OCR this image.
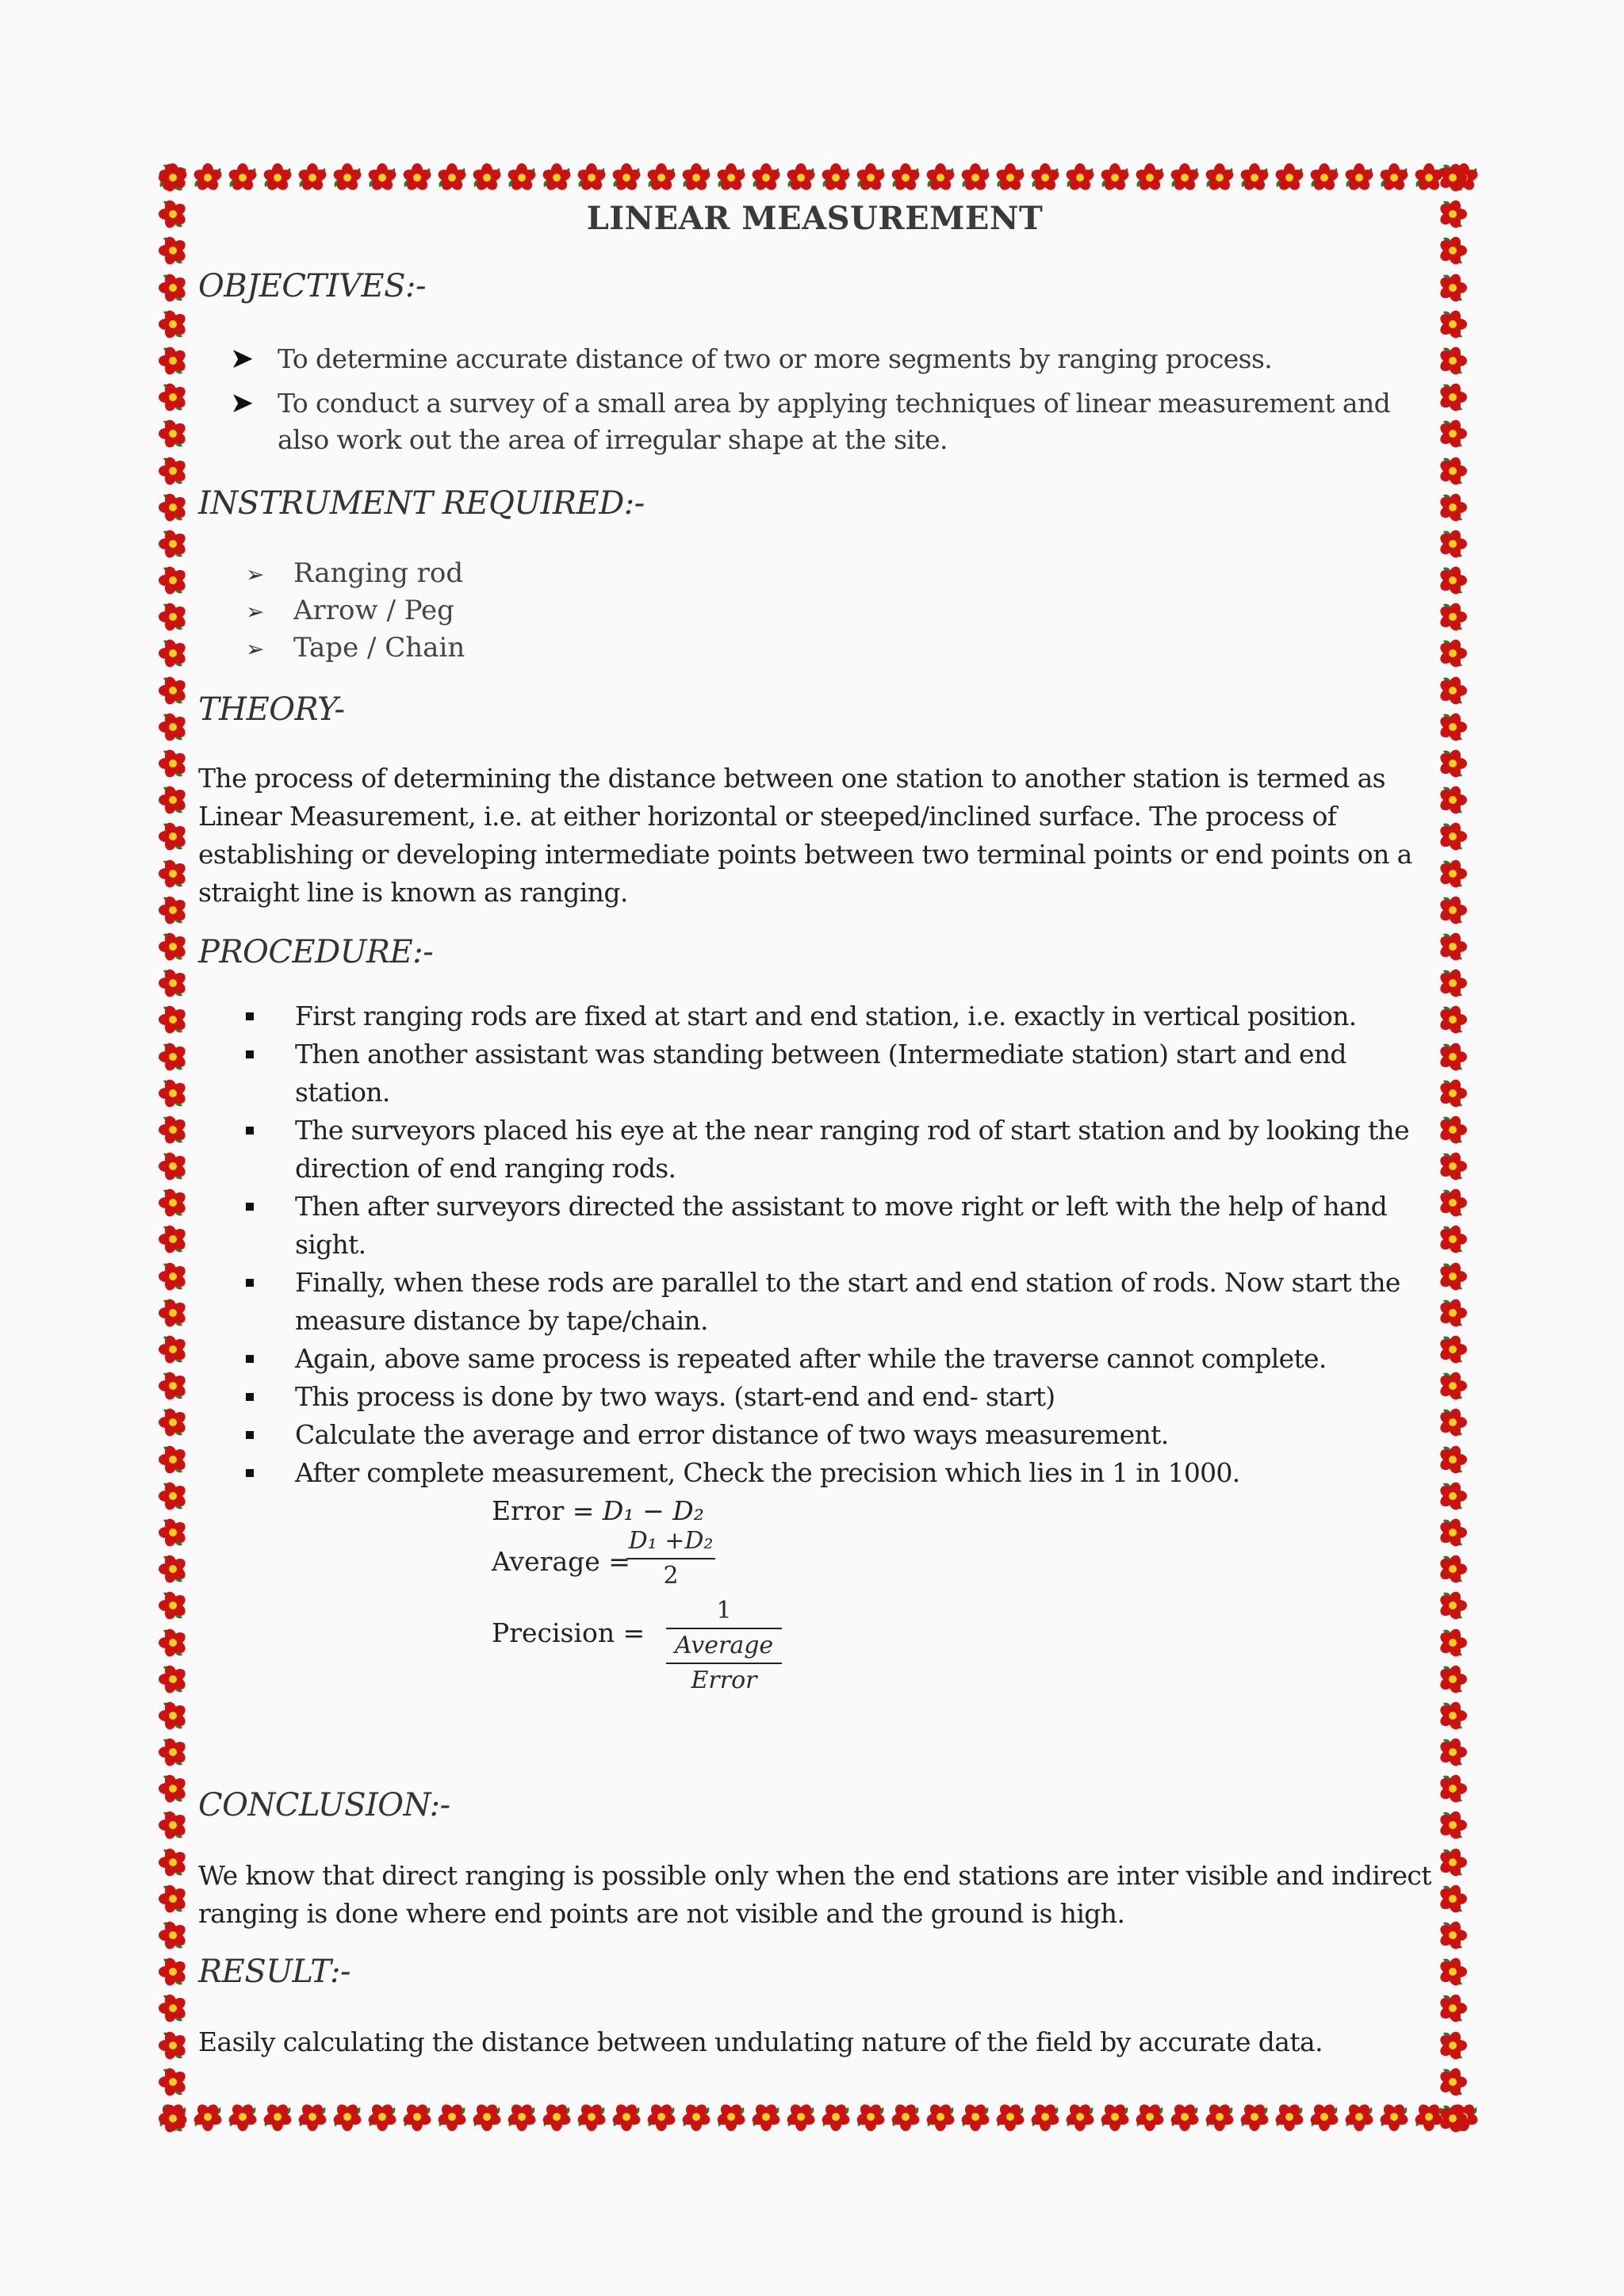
LINEAR MEASUREMENT
OBJECTIVES:-
➤ To determine accurate distance of two or more segments by ranging process.
➤ To conduct a survey of a small area by applying techniques of linear measurement and also work out the area of irregular shape at the site.
INSTRUMENT REQUIRED:-
➢ Ranging rod
➢ Arrow / Peg
➢ Tape / Chain
THEORY-
The process of determining the distance between one station to another station is termed as Linear Measurement, i.e. at either horizontal or steeped/inclined surface. The process of establishing or developing intermediate points between two terminal points or end points on a straight line is known as ranging.
PROCEDURE:-
First ranging rods are fixed at start and end station, i.e. exactly in vertical position.
Then another assistant was standing between (Intermediate station) start and end station.
The surveyors placed his eye at the near ranging rod of start station and by looking the direction of end ranging rods.
Then after surveyors directed the assistant to move right or left with the help of hand sight.
Finally, when these rods are parallel to the start and end station of rods. Now start the measure distance by tape/chain.
Again, above same process is repeated after while the traverse cannot complete.
This process is done by two ways. (start-end and end- start)
Calculate the average and error distance of two ways measurement.
After complete measurement, Check the precision which lies in 1 in 1000.
Error = D₁ − D₂
Average =
D₁ +D₂
2
Precision =
1
Average
Error
CONCLUSION:-
We know that direct ranging is possible only when the end stations are inter visible and indirect ranging is done where end points are not visible and the ground is high.
RESULT:-
Easily calculating the distance between undulating nature of the field by accurate data.
